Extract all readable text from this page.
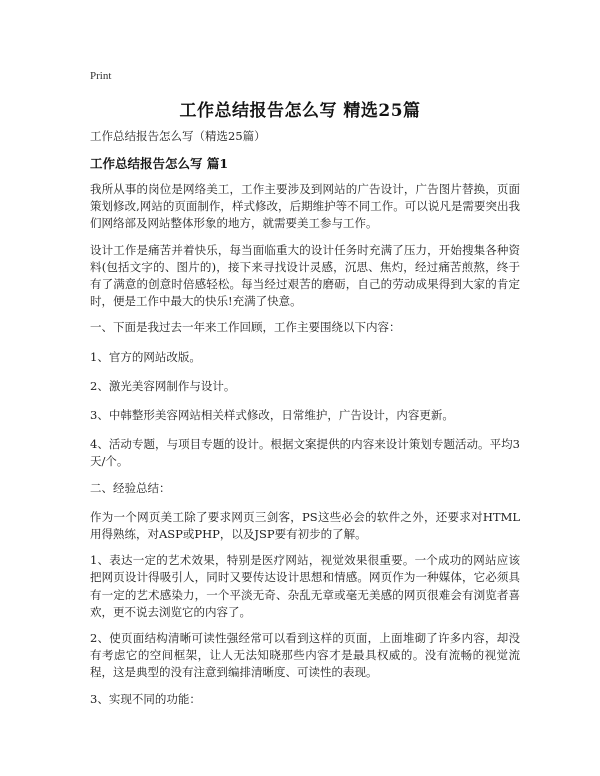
Print
工作总结报告怎么写 精选25篇
工作总结报告怎么写（精选25篇）
工作总结报告怎么写 篇1

我所从事的岗位是网络美工，工作主要涉及到网站的广告设计，广告图片替换，页面策划修改,网站的页面制作，样式修改，后期维护等不同工作。可以说凡是需要突出我们网络部及网站整体形象的地方，就需要美工参与工作。

设计工作是痛苦并着快乐，每当面临重大的设计任务时充满了压力，开始搜集各种资料(包括文字的、图片的)，接下来寻找设计灵感，沉思、焦灼，经过痛苦煎熬，终于有了满意的创意时倍感轻松。每当经过艰苦的磨砺，自己的劳动成果得到大家的肯定时，便是工作中最大的快乐!充满了快意。

一、下面是我过去一年来工作回顾，工作主要围绕以下内容：

1、官方的网站改版。

2、激光美容网制作与设计。

3、中韩整形美容网站相关样式修改，日常维护，广告设计，内容更新。

4、活动专题，与项目专题的设计。根据文案提供的内容来设计策划专题活动。平均3天/个。

二、经验总结：

作为一个网页美工除了要求网页三剑客，PS这些必会的软件之外，还要求对HTML用得熟练，对ASP或PHP，以及JSP要有初步的了解。

1、表达一定的艺术效果，特别是医疗网站，视觉效果很重要。一个成功的网站应该把网页设计得吸引人，同时又要传达设计思想和情感。网页作为一种媒体，它必须具有一定的艺术感染力，一个平淡无奇、杂乱无章或毫无美感的网页很难会有浏览者喜欢，更不说去浏览它的内容了。

2、使页面结构清晰可读性强经常可以看到这样的页面，上面堆砌了许多内容，却没有考虑它的空间框架，让人无法知晓那些内容才是最具权威的。没有流畅的视觉流程，这是典型的没有注意到编排清晰度、可读性的表现。

3、实现不同的功能：
